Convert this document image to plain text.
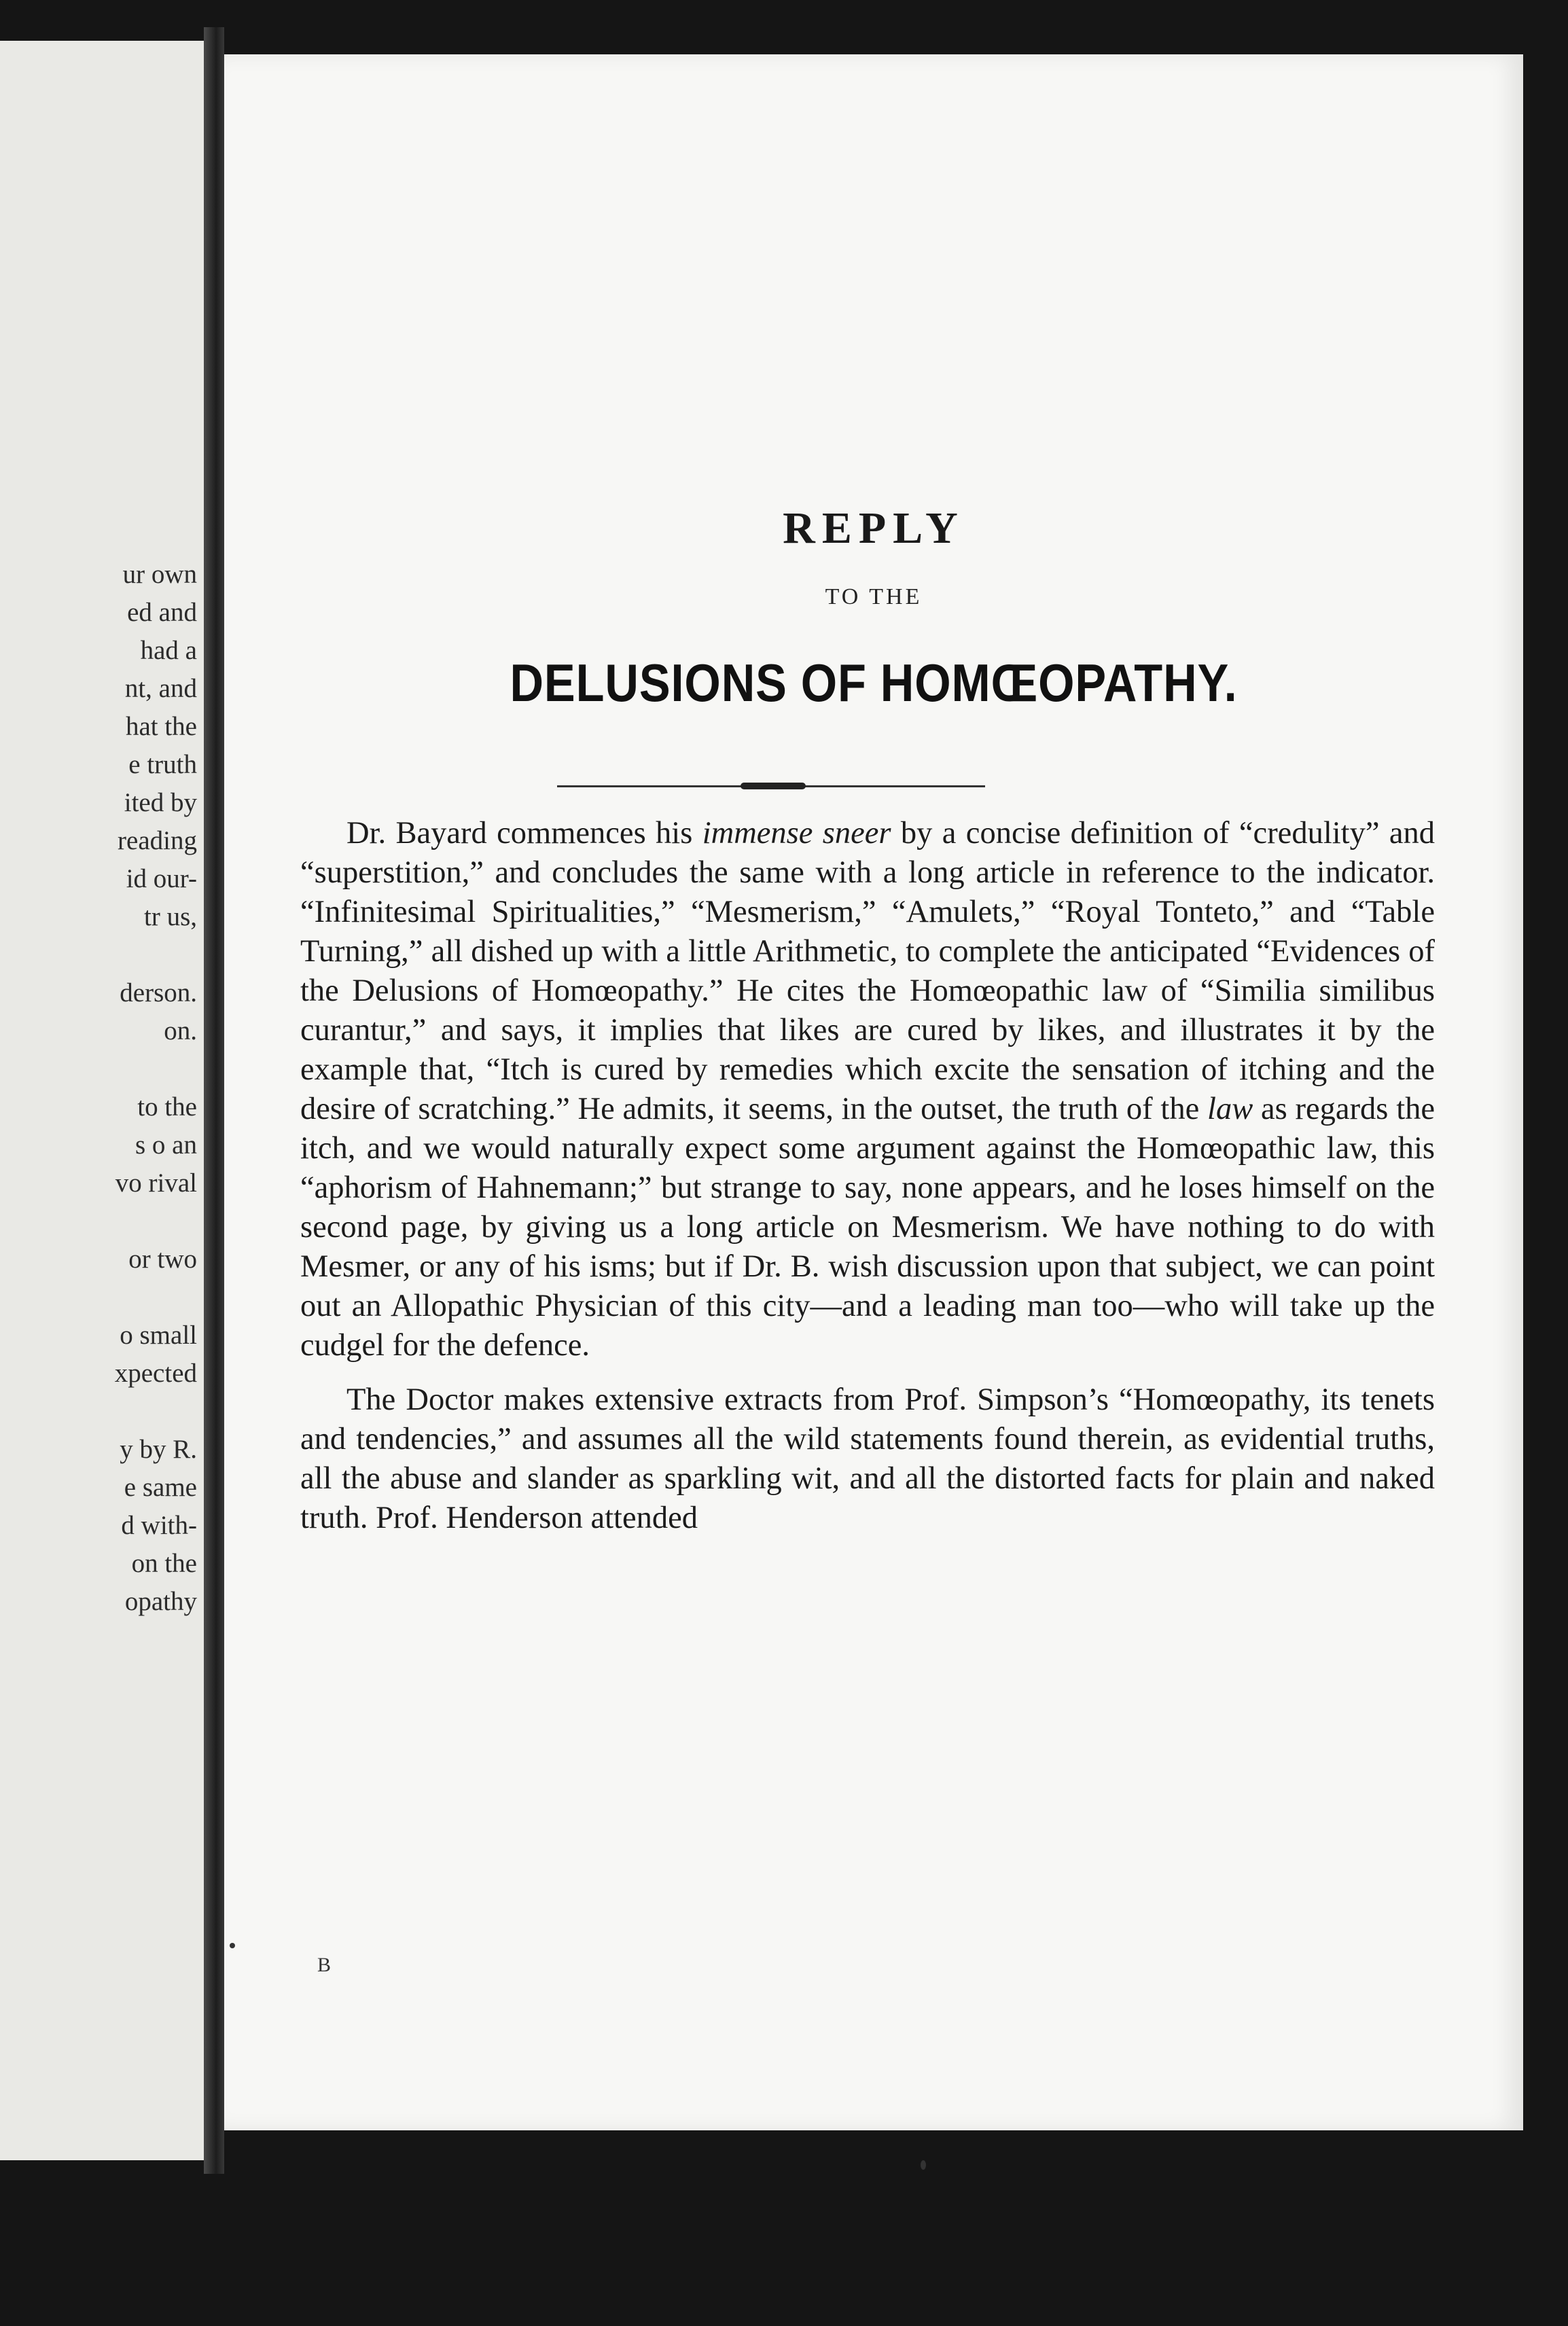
ur own
ed and
had a
nt, and
hat the
e truth
ited by
reading
id our-
tr us,

derson.
on.

to the
s o an
vo rival

or two

o small
xpected

y by R.
e same
d with-
on the
opathy
REPLY
TO THE
DELUSIONS OF HOMŒOPATHY.

Dr. Bayard commences his immense sneer by a concise definition of “credulity” and “superstition,” and concludes the same with a long article in reference to the indicator. “Infinitesimal Spiritualities,” “Mesmerism,” “Amulets,” “Royal Tonteto,” and “Table Turning,” all dished up with a little Arithmetic, to complete the anticipated “Evidences of the Delusions of Homœopathy.” He cites the Homœopathic law of “Similia similibus curantur,” and says, it implies that likes are cured by likes, and illustrates it by the example that, “Itch is cured by remedies which excite the sensation of itching and the desire of scratching.” He admits, it seems, in the outset, the truth of the law as regards the itch, and we would naturally expect some argument against the Homœopathic law, this “aphorism of Hahnemann;” but strange to say, none appears, and he loses himself on the second page, by giving us a long article on Mesmerism. We have nothing to do with Mesmer, or any of his isms; but if Dr. B. wish discussion upon that subject, we can point out an Allopathic Physician of this city—and a leading man too—who will take up the cudgel for the defence.

The Doctor makes extensive extracts from Prof. Simpson’s “Homœopathy, its tenets and tendencies,” and assumes all the wild statements found therein, as evidential truths, all the abuse and slander as sparkling wit, and all the distorted facts for plain and naked truth. Prof. Henderson attended

B
